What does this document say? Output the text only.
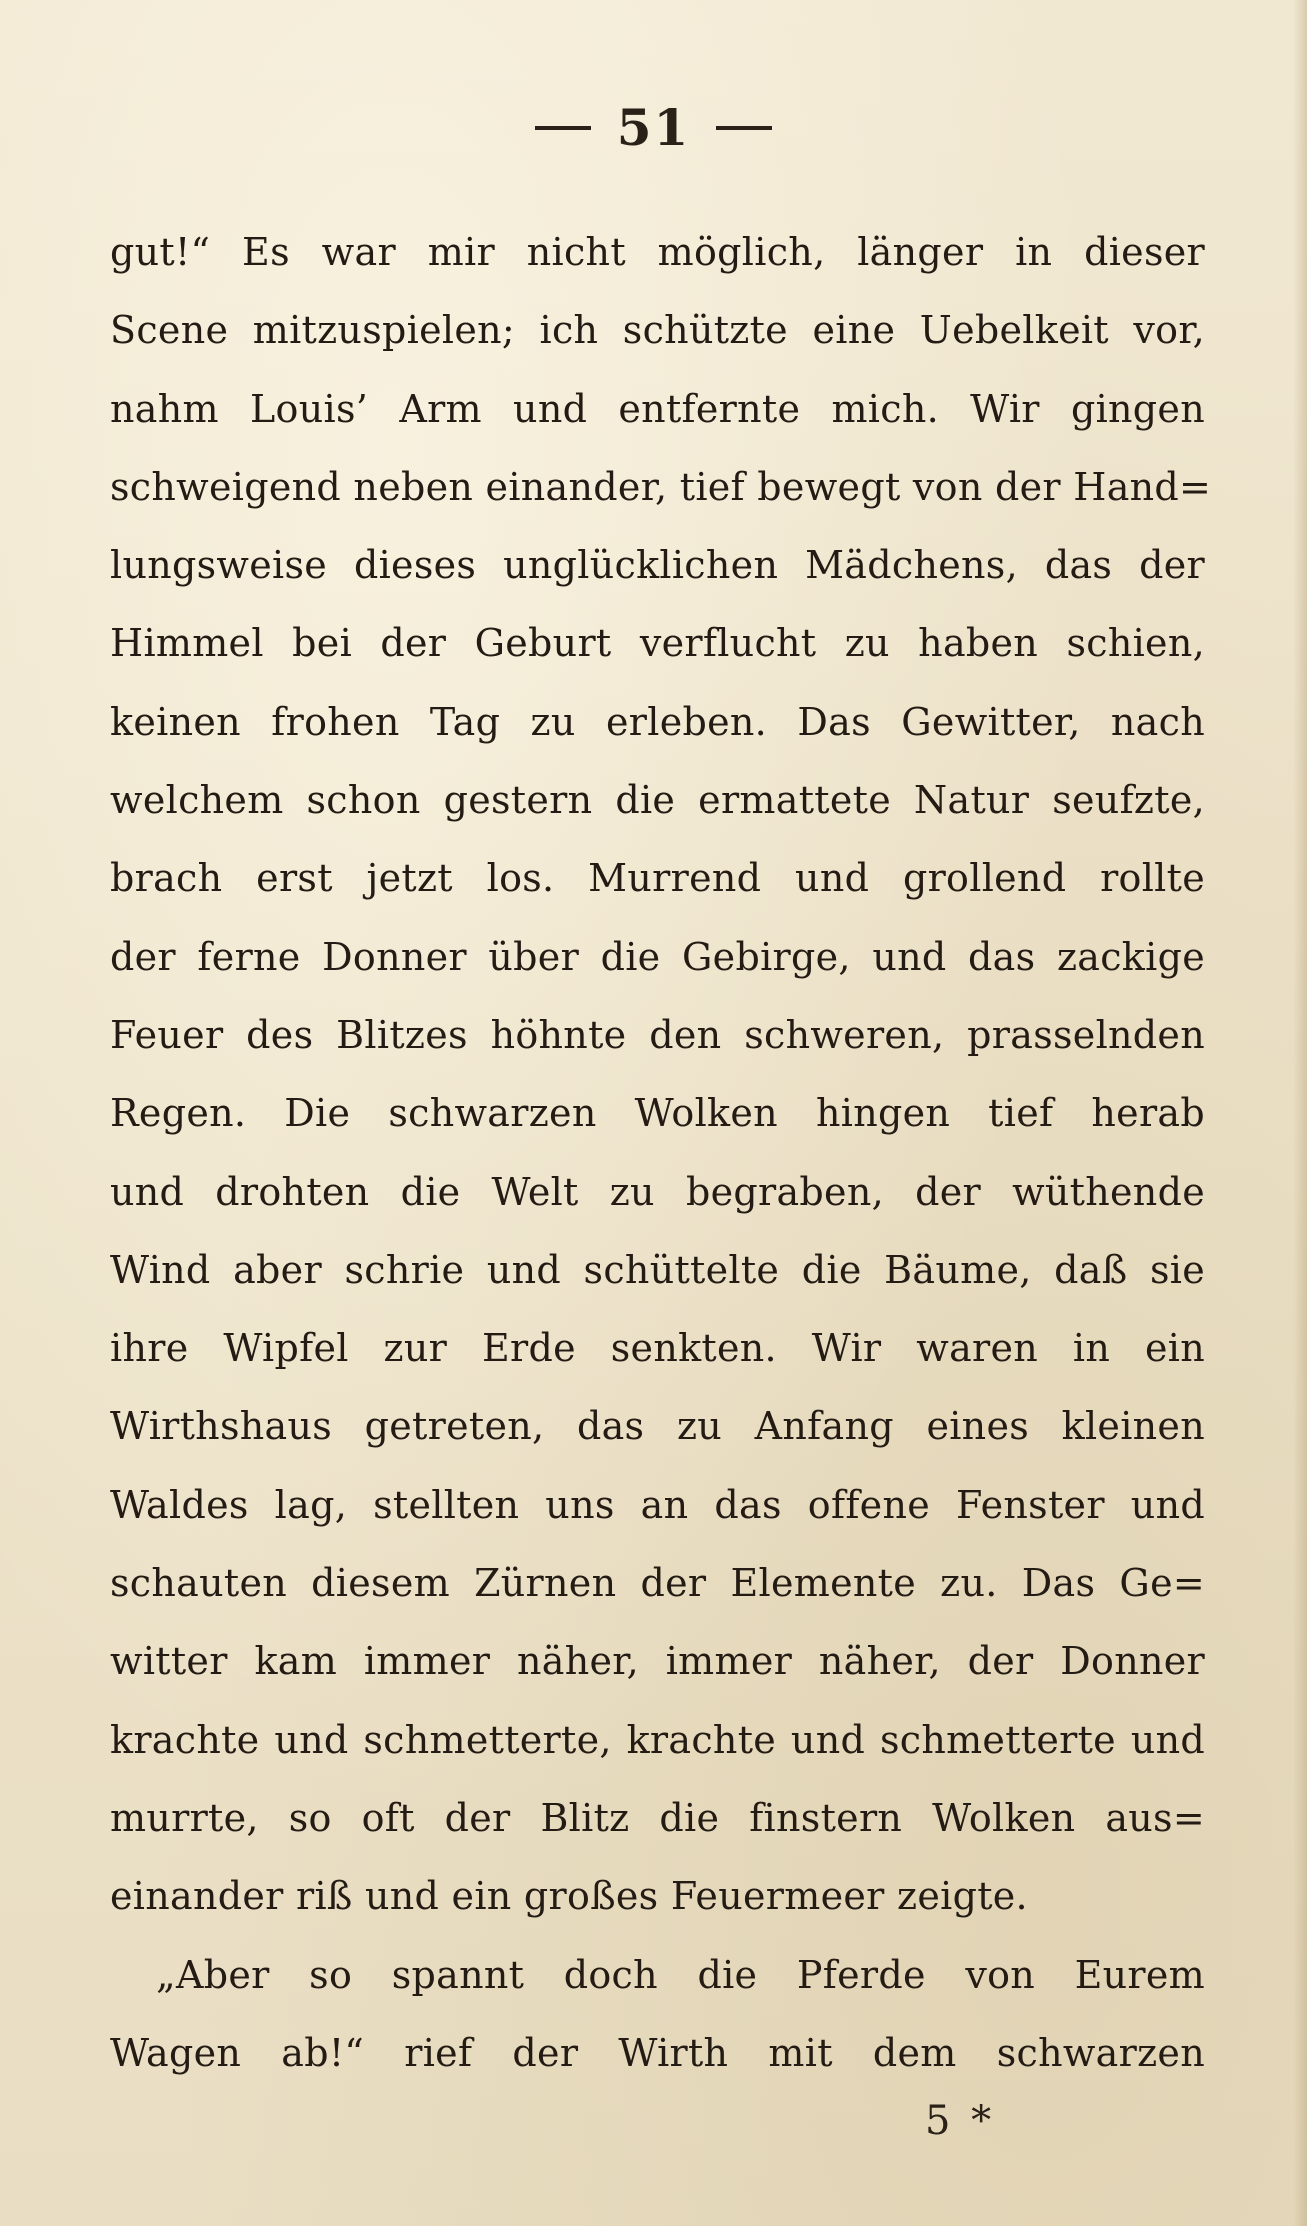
51
gut!“ Es war mir nicht möglich, länger in dieser
Scene mitzuspielen; ich schützte eine Uebelkeit vor,
nahm Louis’ Arm und entfernte mich. Wir gingen
schweigend neben einander, tief bewegt von der Hand=
lungsweise dieses unglücklichen Mädchens, das der
Himmel bei der Geburt verflucht zu haben schien,
keinen frohen Tag zu erleben. Das Gewitter, nach
welchem schon gestern die ermattete Natur seufzte,
brach erst jetzt los. Murrend und grollend rollte
der ferne Donner über die Gebirge, und das zackige
Feuer des Blitzes höhnte den schweren, prasselnden
Regen. Die schwarzen Wolken hingen tief herab
und drohten die Welt zu begraben, der wüthende
Wind aber schrie und schüttelte die Bäume, daß sie
ihre Wipfel zur Erde senkten. Wir waren in ein
Wirthshaus getreten, das zu Anfang eines kleinen
Waldes lag, stellten uns an das offene Fenster und
schauten diesem Zürnen der Elemente zu. Das Ge=
witter kam immer näher, immer näher, der Donner
krachte und schmetterte, krachte und schmetterte und
murrte, so oft der Blitz die finstern Wolken aus=
einander riß und ein großes Feuermeer zeigte.
„Aber so spannt doch die Pferde von Eurem
Wagen ab!“ rief der Wirth mit dem schwarzen
5 *
